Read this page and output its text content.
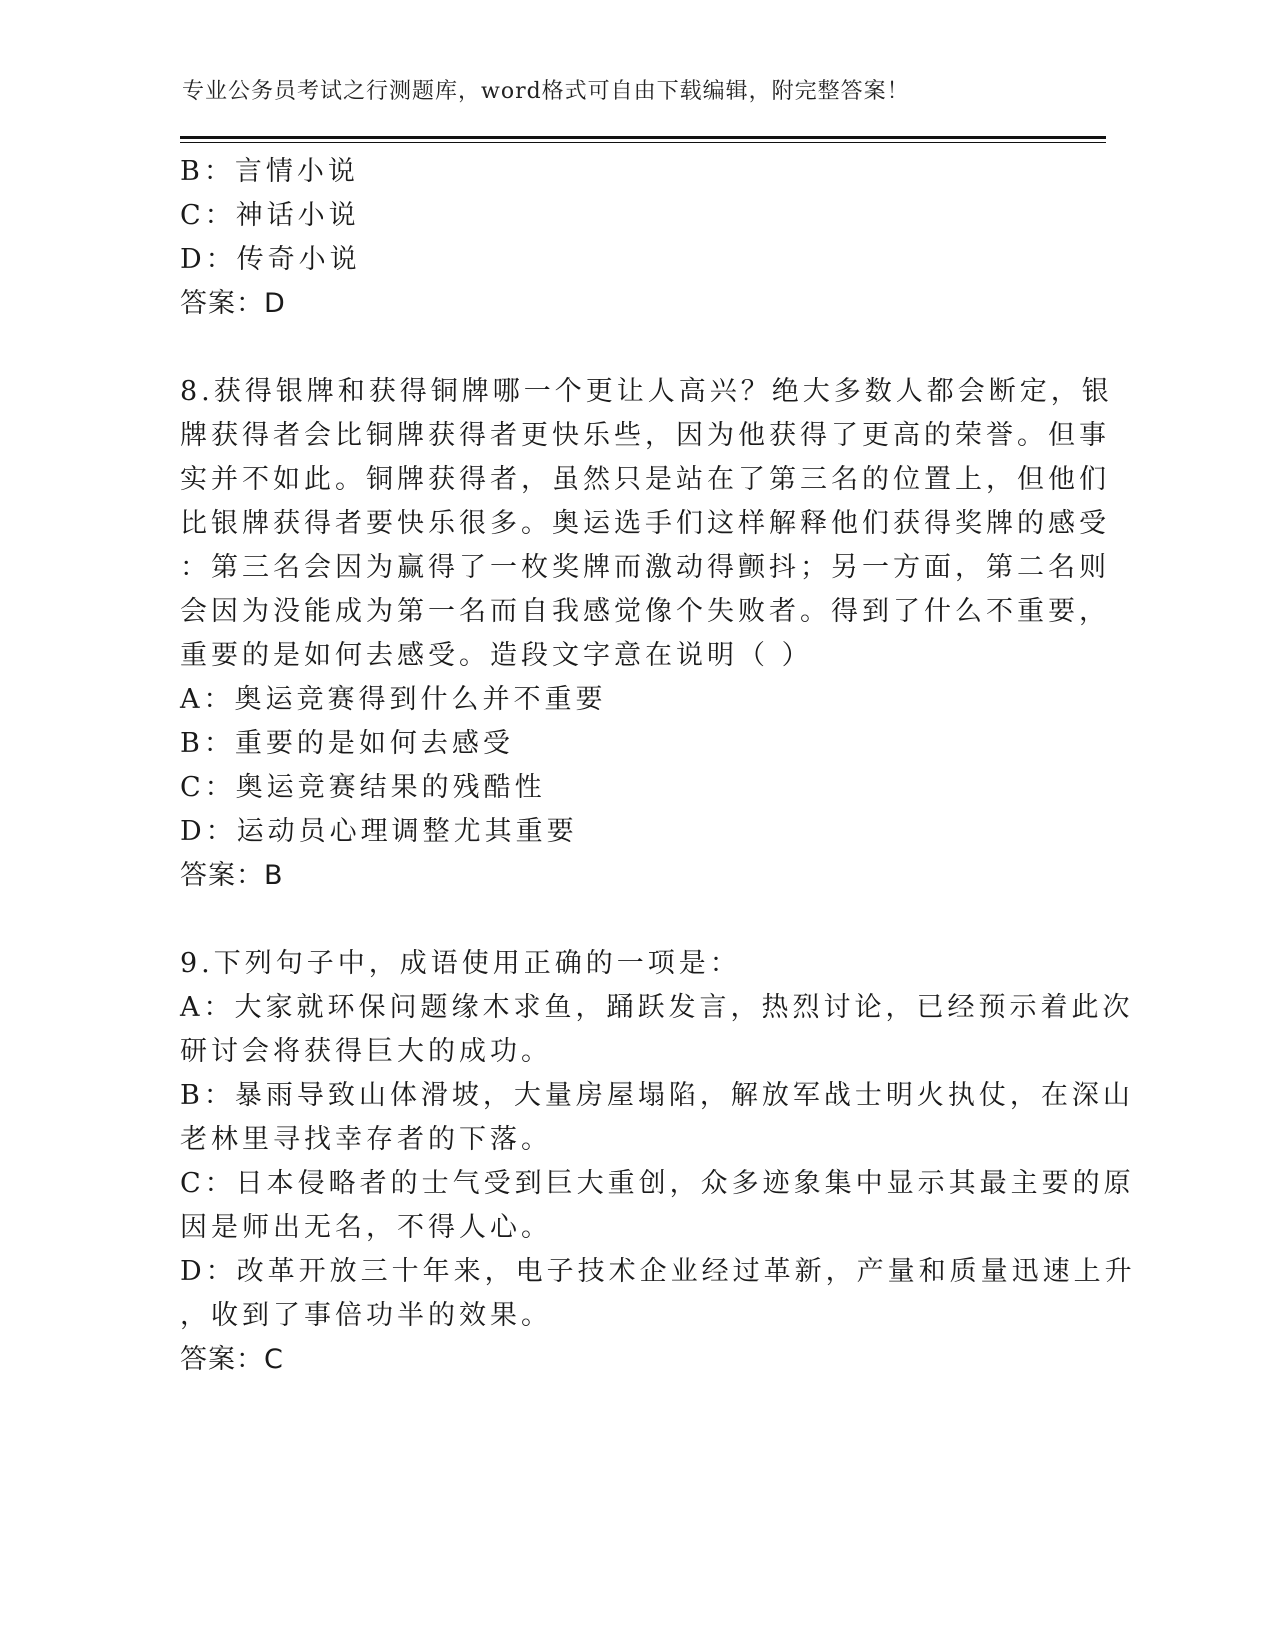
专业公务员考试之行测题库，word格式可自由下载编辑，附完整答案！
B：言情小说
C：神话小说
D：传奇小说
答案：D
8.获得银牌和获得铜牌哪一个更让人高兴？绝大多数人都会断定，银
牌获得者会比铜牌获得者更快乐些，因为他获得了更高的荣誉。但事
实并不如此。铜牌获得者，虽然只是站在了第三名的位置上，但他们
比银牌获得者要快乐很多。奥运选手们这样解释他们获得奖牌的感受
：第三名会因为赢得了一枚奖牌而激动得颤抖；另一方面，第二名则
会因为没能成为第一名而自我感觉像个失败者。得到了什么不重要，
重要的是如何去感受。造段文字意在说明（ ）
A：奥运竞赛得到什么并不重要
B：重要的是如何去感受
C：奥运竞赛结果的残酷性
D：运动员心理调整尤其重要
答案：B
9.下列句子中，成语使用正确的一项是：
A：大家就环保问题缘木求鱼，踊跃发言，热烈讨论，已经预示着此次
研讨会将获得巨大的成功。
B：暴雨导致山体滑坡，大量房屋塌陷，解放军战士明火执仗，在深山
老林里寻找幸存者的下落。
C：日本侵略者的士气受到巨大重创，众多迹象集中显示其最主要的原
因是师出无名，不得人心。
D：改革开放三十年来，电子技术企业经过革新，产量和质量迅速上升
，收到了事倍功半的效果。
答案：C
